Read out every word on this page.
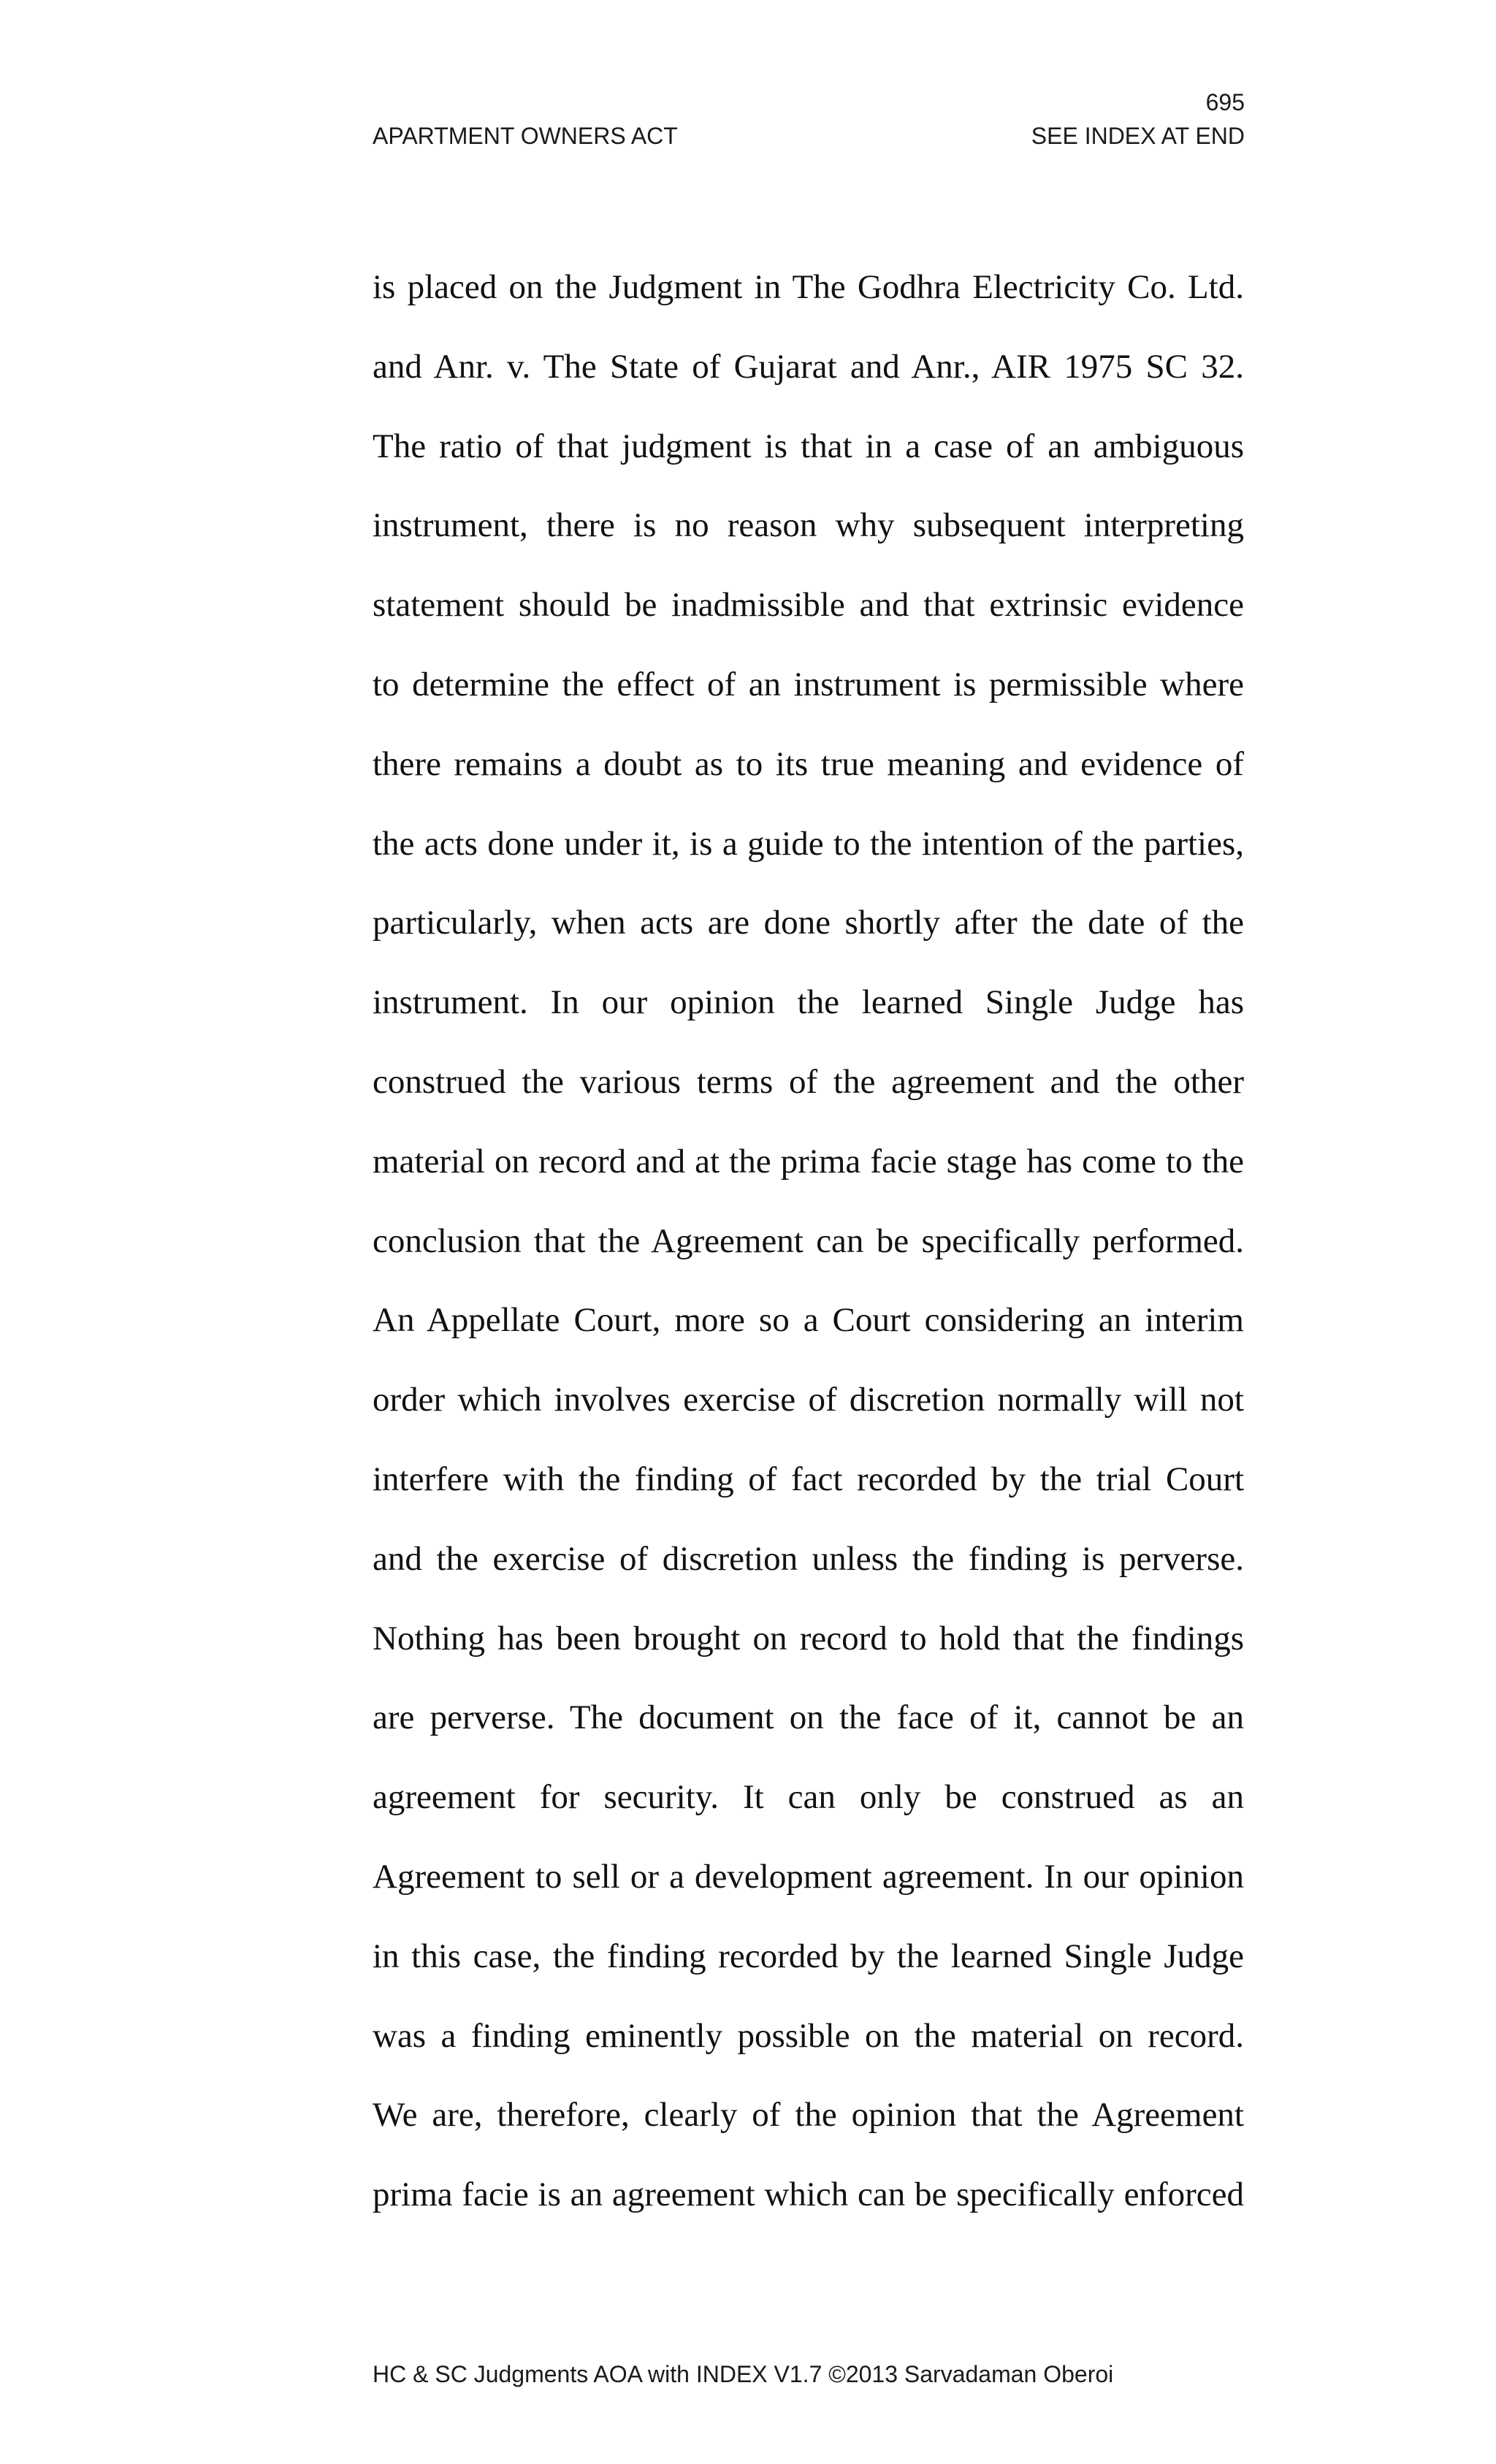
695
APARTMENT OWNERS ACT	SEE INDEX AT END
is placed on the Judgment in The Godhra Electricity Co. Ltd.
and Anr. v. The State of Gujarat and Anr., AIR 1975 SC 32.
The ratio of that judgment is that in a case of an ambiguous
instrument, there is no reason why subsequent interpreting
statement should be inadmissible and that extrinsic evidence
to determine the effect of an instrument is permissible where
there remains a doubt as to its true meaning and evidence of
the acts done under it, is a guide to the intention of the parties,
particularly, when acts are done shortly after the date of the
instrument. In our opinion the learned Single Judge has
construed the various terms of the agreement and the other
material on record and at the prima facie stage has come to the
conclusion that the Agreement can be specifically performed.
An Appellate Court, more so a Court considering an interim
order which involves exercise of discretion normally will not
interfere with the finding of fact recorded by the trial Court
and the exercise of discretion unless the finding is perverse.
Nothing has been brought on record to hold that the findings
are perverse. The document on the face of it, cannot be an
agreement for security. It can only be construed as an
Agreement to sell or a development agreement. In our opinion
in this case, the finding recorded by the learned Single Judge
was a finding eminently possible on the material on record.
We are, therefore, clearly of the opinion that the Agreement
prima facie is an agreement which can be specifically enforced
HC & SC Judgments AOA with INDEX V1.7 ©2013 Sarvadaman Oberoi
